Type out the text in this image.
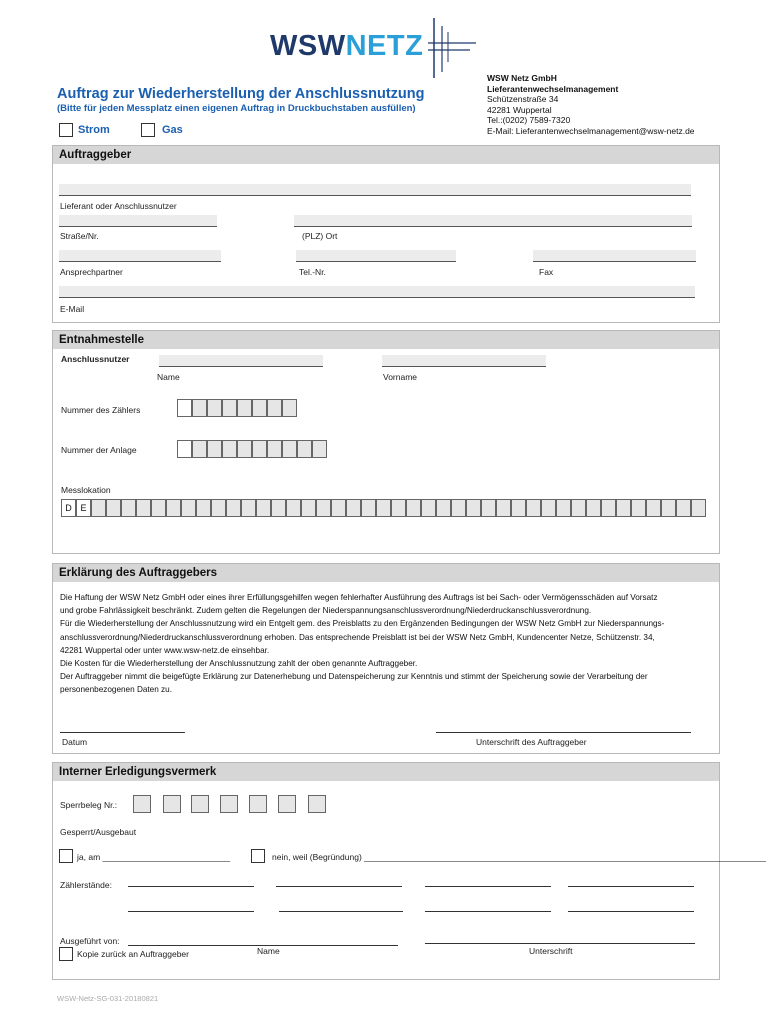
WSWNETZ
Auftrag zur Wiederherstellung der Anschlussnutzung
(Bitte für jeden Messplatz einen eigenen Auftrag in Druckbuchstaben ausfüllen)
Strom	Gas
WSW Netz GmbH
Lieferantenwechselmanagement
Schützenstraße 34
42281 Wuppertal
Tel.:(0202) 7589-7320
E-Mail: Lieferantenwechselmanagement@wsw-netz.de
Auftraggeber
Lieferant oder Anschlussnutzer
Straße/Nr.	(PLZ) Ort
Ansprechpartner	Tel.-Nr.	Fax
E-Mail
Entnahmestelle
Anschlussnutzer
Name	Vorname
Nummer des Zählers
Nummer der Anlage
Messlokation
D E
Erklärung des Auftraggebers
Die Haftung der WSW Netz GmbH oder eines ihrer Erfüllungsgehilfen wegen fehlerhafter Ausführung des Auftrags ist bei Sach- oder Vermögensschäden auf Vorsatz
und grobe Fahrlässigkeit beschränkt. Zudem gelten die Regelungen der Niederspannungsanschlussverordnung/Niederdruckanschlussverordnung.
Für die Wiederherstellung der Anschlussnutzung wird ein Entgelt gem. des Preisblatts zu den Ergänzenden Bedingungen der WSW Netz GmbH zur Niederspannungs-
anschlussverordnung/Niederdruckanschlussverordnung erhoben. Das entsprechende Preisblatt ist bei der WSW Netz GmbH, Kundencenter Netze, Schützenstr. 34,
42281 Wuppertal oder unter www.wsw-netz.de einsehbar.
Die Kosten für die Wiederherstellung der Anschlussnutzung zahlt der oben genannte Auftraggeber.
Der Auftraggeber nimmt die beigefügte Erklärung zur Datenerhebung und Datenspeicherung zur Kenntnis und stimmt der Speicherung sowie der Verarbeitung der
personenbezogenen Daten zu.
Datum	Unterschrift des Auftraggeber
Interner Erledigungsvermerk
Sperrbeleg Nr.:
Gesperrt/Ausgebaut
ja, am ___________________________	nein, weil (Begründung) _____________________________________________________________________________________
Zählerstände:
Ausgeführt von:
Name	Unterschrift
Kopie zurück an Auftraggeber
WSW-Netz-SG-031-20180821
